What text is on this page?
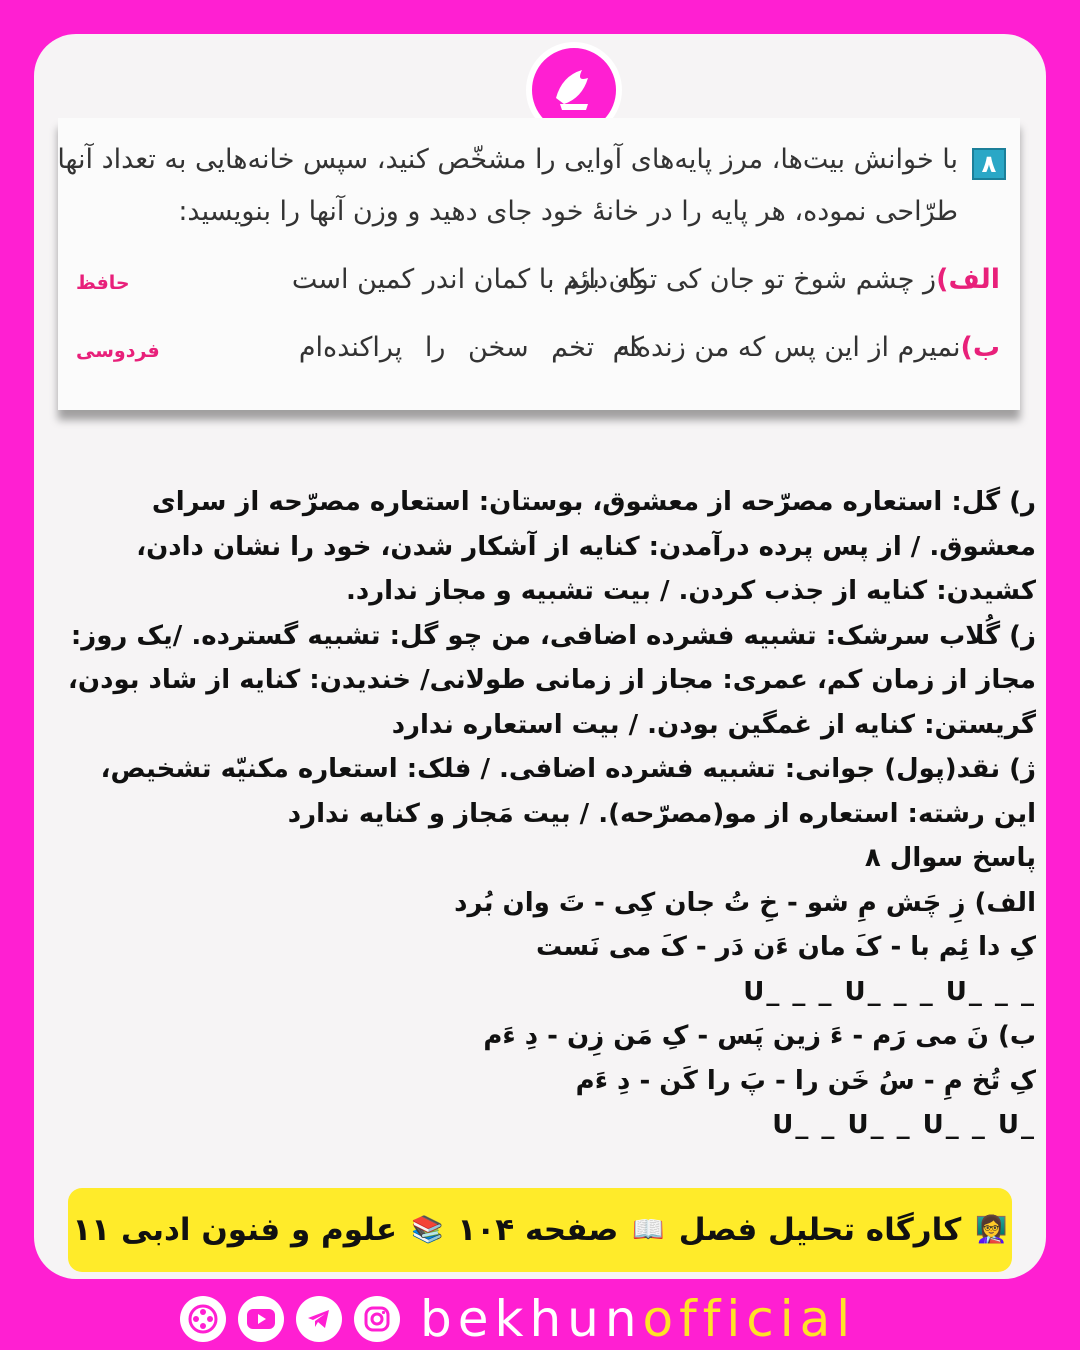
۸
با خوانش بیت‌ها، مرز پایه‌های آوایی را مشخّص کنید، سپس خانه‌هایی به تعداد آنها
طرّاحی نموده، هر پایه را در خانهٔ خود جای دهید و وزن آنها را بنویسید:
الف)ز چشم شوخ تو جان کی توان برد
که دائم با کمان اندر کمین است
حافظ
ب)نمیرم از این پس که من زنده‌ام
که تخم سخن را پراکنده‌ام
فردوسی
ر) گل: استعاره مصرّحه از معشوق، بوستان: استعاره مصرّحه از سرای
معشوق. / از پس پرده درآمدن: کنایه از آشکار شدن، خود را نشان دادن،
کشیدن: کنایه از جذب کردن. / بیت تشبیه و مجاز ندارد.
ز) گُلاب سرشک: تشبیه فشرده اضافی، من چو گل: تشبیه گسترده. /یک روز:
مجاز از زمان کم، عمری: مجاز از زمانی طولانی/ خندیدن: کنایه از شاد بودن،
گریستن: کنایه از غمگین بودن. / بیت استعاره ندارد
ژ) نقد(پول) جوانی: تشبیه فشرده اضافی. / فلک: استعاره مکنیّه تشخیص،
این رشته: استعاره از مو(مصرّحه). / بیت مَجاز و کنایه ندارد
پاسخ سوال ۸
الف) زِ چَش مِ شو - خِ تُ جان کِی - تَ وان بُرد
کِ دا ئِم با - کَ مان ءَن دَر - کَ می نَست
U_ _ _ U_ _ _ U_ _ _
ب) نَ می رَم - ءَ زین پَس - کِ مَن زِن - دِ ءَم
کِ تُخ مِ - سُ خَن را - پَ را کَن - دِ ءَم
U_ _ U_ _ U_ _ U_
👩‍🏫
کارگاه تحلیل فصل
📖
صفحه ۱۰۴
📚
علوم و فنون ادبی ۱۱
bekhunofficial
